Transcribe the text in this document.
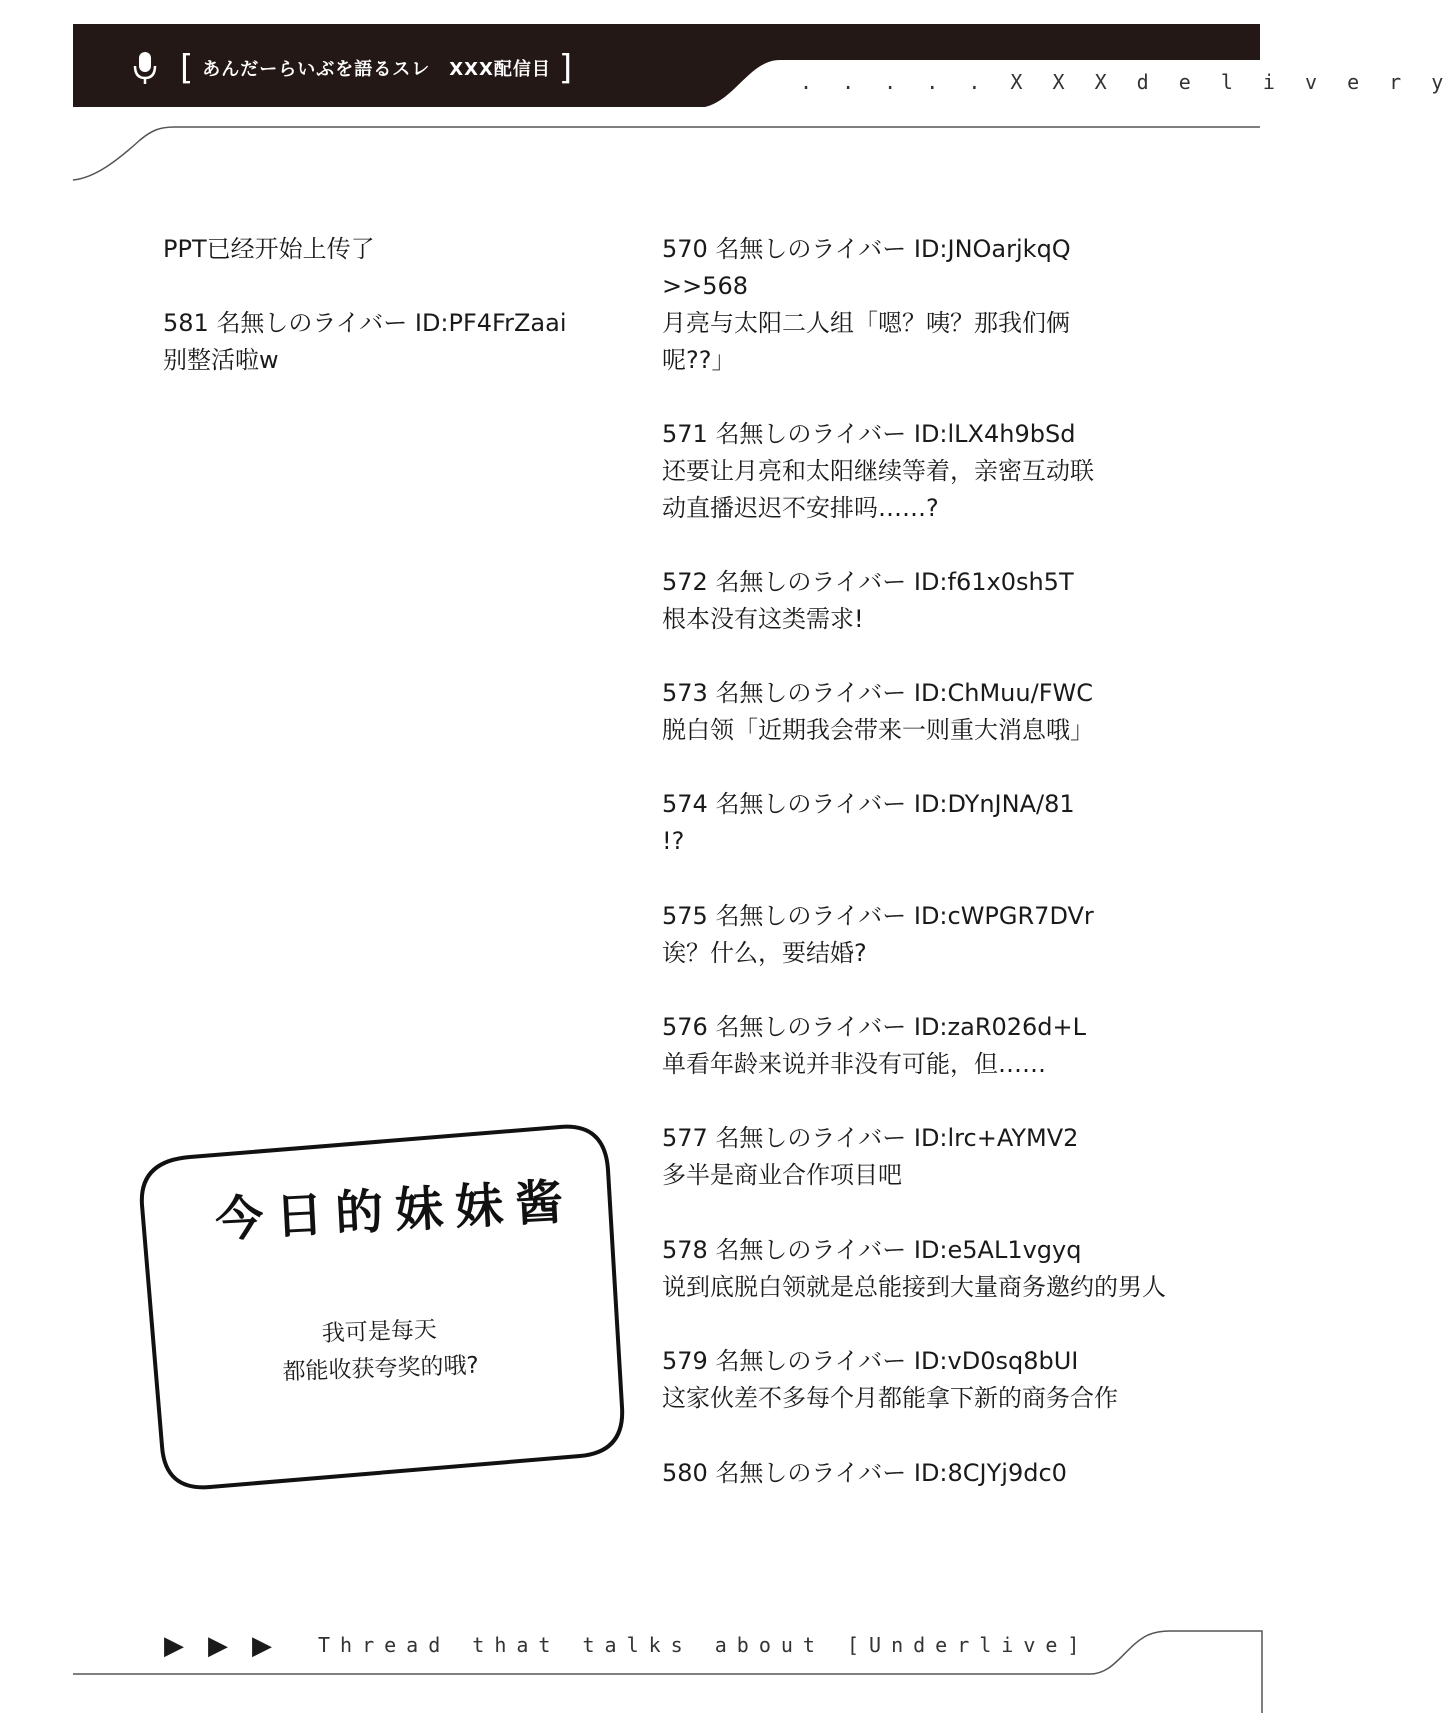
[ あんだーらいぶを語るスレ　XXX配信目 ]	. . . . . X X X d e l i v e r y
PPT已经开始上传了
581 名無しのライバー ID:PF4FrZaai
别整活啦w
570 名無しのライバー ID:JNOarjkqQ
>>568
月亮与太阳二人组「嗯？咦？那我们俩
呢??」
571 名無しのライバー ID:lLX4h9bSd
还要让月亮和太阳继续等着，亲密互动联
动直播迟迟不安排吗……?
572 名無しのライバー ID:f61x0sh5T
根本没有这类需求!
573 名無しのライバー ID:ChMuu/FWC
脱白领「近期我会带来一则重大消息哦」
574 名無しのライバー ID:DYnJNA/81
!?
575 名無しのライバー ID:cWPGR7DVr
诶？什么，要结婚?
576 名無しのライバー ID:zaR026d+L
单看年龄来说并非没有可能，但……
577 名無しのライバー ID:lrc+AYMV2
多半是商业合作项目吧
578 名無しのライバー ID:e5AL1vgyq
说到底脱白领就是总能接到大量商务邀约的男人
579 名無しのライバー ID:vD0sq8bUI
这家伙差不多每个月都能拿下新的商务合作
580 名無しのライバー ID:8CJYj9dc0
今日的妹妹酱
我可是每天
都能收获夸奖的哦?
▶ ▶ ▶ Thread that talks about [Underlive]
